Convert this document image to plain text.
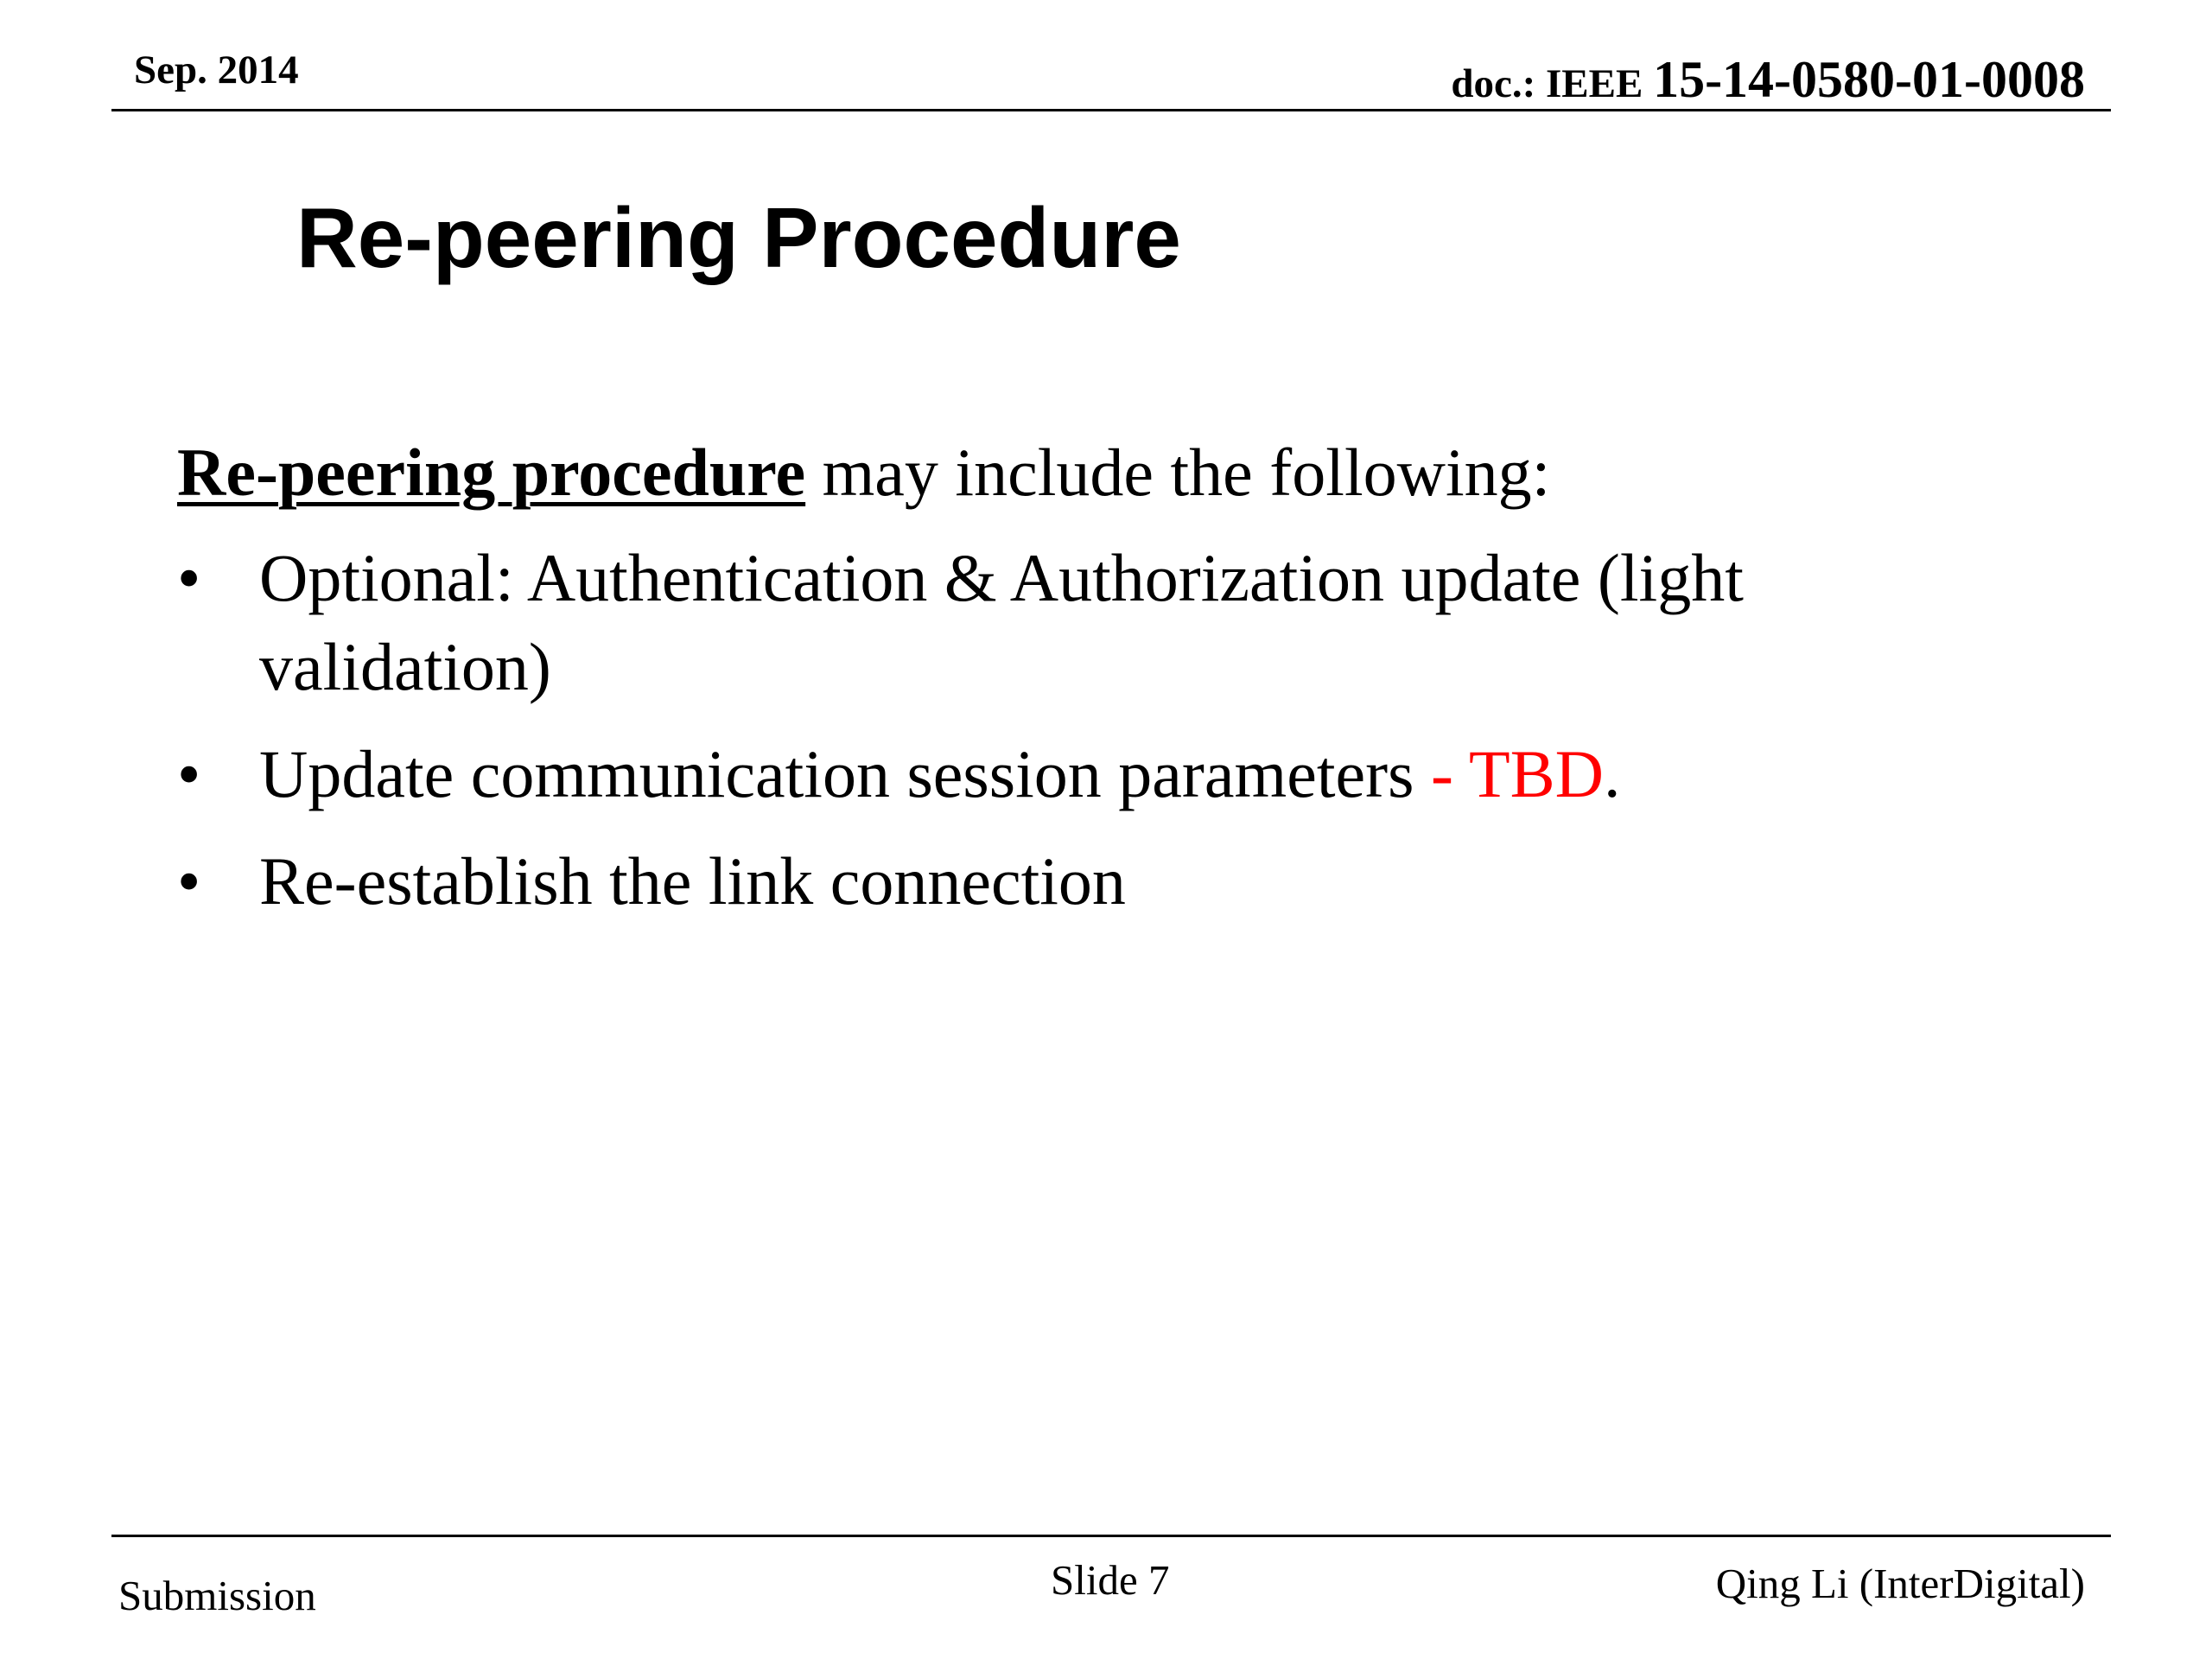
Sep. 2014	doc.: IEEE 15-14-0580-01-0008
Re-peering Procedure

Re-peering procedure may include the following:

• Optional: Authentication & Authorization update (light validation)
• Update communication session parameters - TBD.
• Re-establish the link connection
Submission	Slide 7	Qing Li (InterDigital)
